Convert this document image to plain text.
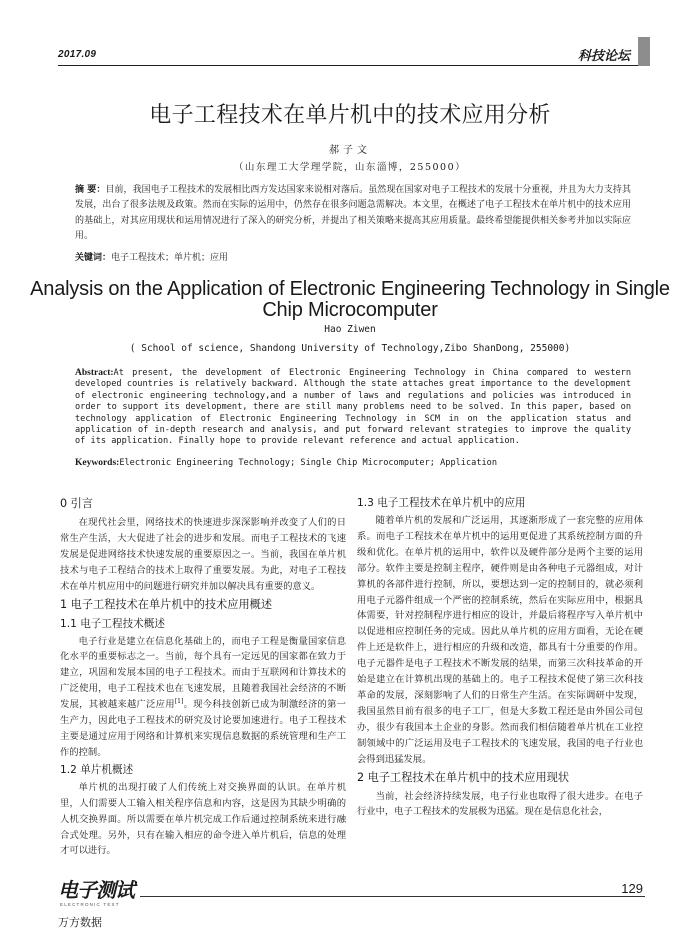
2017.09	科技论坛
电子工程技术在单片机中的技术应用分析
郝子文
（山东理工大学理学院，山东淄博，255000）
摘 要：目前，我国电子工程技术的发展相比西方发达国家来说相对落后。虽然现在国家对电子工程技术的发展十分重视，并且为大力支持其发展，出台了很多法规及政策。然而在实际的运用中，仍然存在很多问题急需解决。本文里，在概述了电子工程技术在单片机中的技术应用的基础上，对其应用现状和运用情况进行了深入的研究分析，并提出了相关策略来提高其应用质量。最终希望能提供相关参考并加以实际应用。
关键词：电子工程技术；单片机；应用
Analysis on the Application of Electronic Engineering Technology in Single Chip Microcomputer
Hao Ziwen
( School of science, Shandong University of Technology,Zibo ShanDong, 255000)
Abstract:At present, the development of Electronic Engineering Technology in China compared to western developed countries is relatively backward. Although the state attaches great importance to the development of electronic engineering technology,and a number of laws and regulations and policies was introduced in order to support its development, there are still many problems need to be solved. In this paper, based on technology application of Electronic Engineering Technology in SCM in on the application status and application of in-depth research and analysis, and put forward relevant strategies to improve the quality of its application. Finally hope to provide relevant reference and actual application.
Keywords:Electronic Engineering Technology; Single Chip Microcomputer; Application
0 引言

在现代社会里，网络技术的快速进步深深影响并改变了人们的日常生产生活，大大促进了社会的进步和发展。而电子工程技术的飞速发展是促进网络技术快速发展的重要原因之一。当前，我国在单片机技术与电子工程结合的技术上取得了重要发展。为此，对电子工程技术在单片机应用中的问题进行研究并加以解决具有重要的意义。

1 电子工程技术在单片机中的技术应用概述
1.1 电子工程技术概述

电子行业是建立在信息化基础上的，而电子工程是衡量国家信息化水平的重要标志之一。当前，每个具有一定远见的国家都在致力于建立，巩固和发展本国的电子工程技术。而由于互联网和计算技术的广泛使用，电子工程技术也在飞速发展，且随着我国社会经济的不断发展，其被越来越广泛应用[1]。现今科技创新已成为制激经济的第一生产力，因此电子工程技术的研究及讨论要加速进行。电子工程技术主要是通过应用于网络和计算机来实现信息数据的系统管理和生产工作的控制。

1.2 单片机概述

单片机的出现打破了人们传统上对交换界面的认识。在单片机里，人们需要人工输入相关程序信息和内容，这是因为其缺少明确的人机交换界面。所以需要在单片机完成工作后通过控制系统来进行融合式处理。另外，只有在输入相应的命令进入单片机后，信息的处理才可以进行。

1.3 电子工程技术在单片机中的应用

随着单片机的发展和广泛运用，其逐渐形成了一套完整的应用体系。而电子工程技术在单片机中的运用更促进了其系统控制方面的升级和优化。在单片机的运用中，软件以及硬件部分是两个主要的运用部分。软件主要是控制主程序，硬件则是由各种电子元器组成，对计算机的各部件进行控制，所以，要想达到一定的控制目的，就必须利用电子元器件组成一个严密的控制系统，然后在实际应用中，根据具体需要，针对控制程序进行相应的设计，并最后将程序写入单片机中以促进相应控制任务的完成。因此从单片机的应用方面看，无论在硬件上还是软件上，进行相应的升级和改造，都具有十分重要的作用。电子元器件是电子工程技术不断发展的结果，而第三次科技革命的开始是建立在计算机出现的基础上的。电子工程技术促使了第三次科技革命的发展，深刻影响了人们的日常生产生活。在实际调研中发现，我国虽然目前有很多的电子工厂，但是大多数工程还是由外国公司包办，很少有我国本土企业的身影。然而我们相信随着单片机在工业控制领域中的广泛运用及电子工程技术的飞速发展，我国的电子行业也会得到迅猛发展。

2 电子工程技术在单片机中的技术应用现状

当前，社会经济持续发展，电子行业也取得了很大进步。在电子行业中，电子工程技术的发展极为迅猛。现在是信息化社会，

电子测试
ELECTRONIC TEST
129
万方数据
